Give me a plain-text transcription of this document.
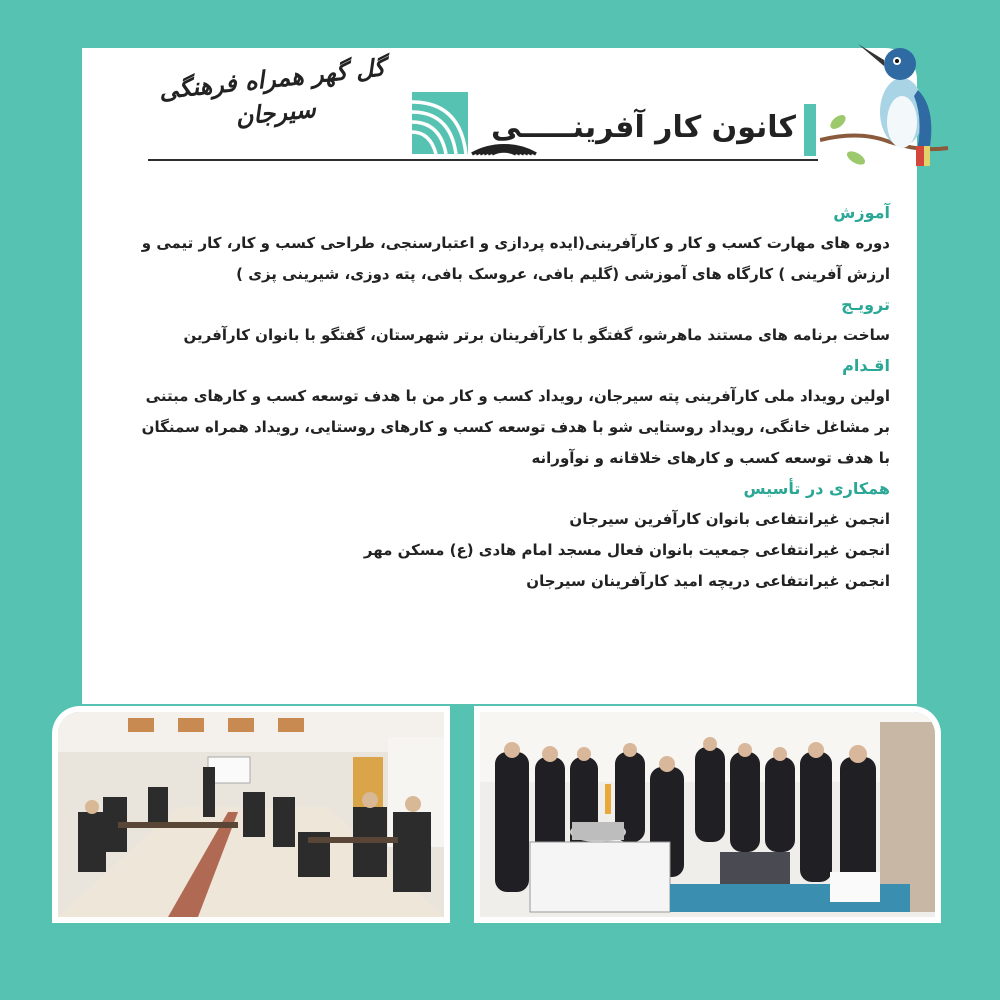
گل گهر همراه فرهنگی
سیرجان	کانون کار آفرینـــــی
آموزش
دوره های مهارت کسب و کار و کارآفرینی(ایده پردازی و اعتبارسنجی، طراحی کسب و کار، کار تیمی و
ارزش آفرینی ) کارگاه های آموزشی (گلیم بافی، عروسک بافی، پته دوزی، شیرینی پزی )
ترویـج
ساخت برنامه های مستند ماهرشو، گفتگو با کارآفرینان برتر شهرستان، گفتگو با بانوان کارآفرین
اقـدام
اولین رویداد ملی کارآفرینی پته سیرجان، رویداد کسب و کار من با هدف توسعه کسب و کارهای مبتنی
بر مشاغل خانگی، رویداد روستایی شو با هدف توسعه کسب و کارهای روستایی، رویداد همراه سمنگان
با هدف توسعه کسب و کارهای خلاقانه و نوآورانه
همکاری در تأسیس
انجمن غیرانتفاعی بانوان کارآفرین سیرجان
انجمن غیرانتفاعی جمعیت بانوان فعال مسجد امام هادی (ع) مسکن مهر
انجمن غیرانتفاعی دریچه امید کارآفرینان سیرجان
